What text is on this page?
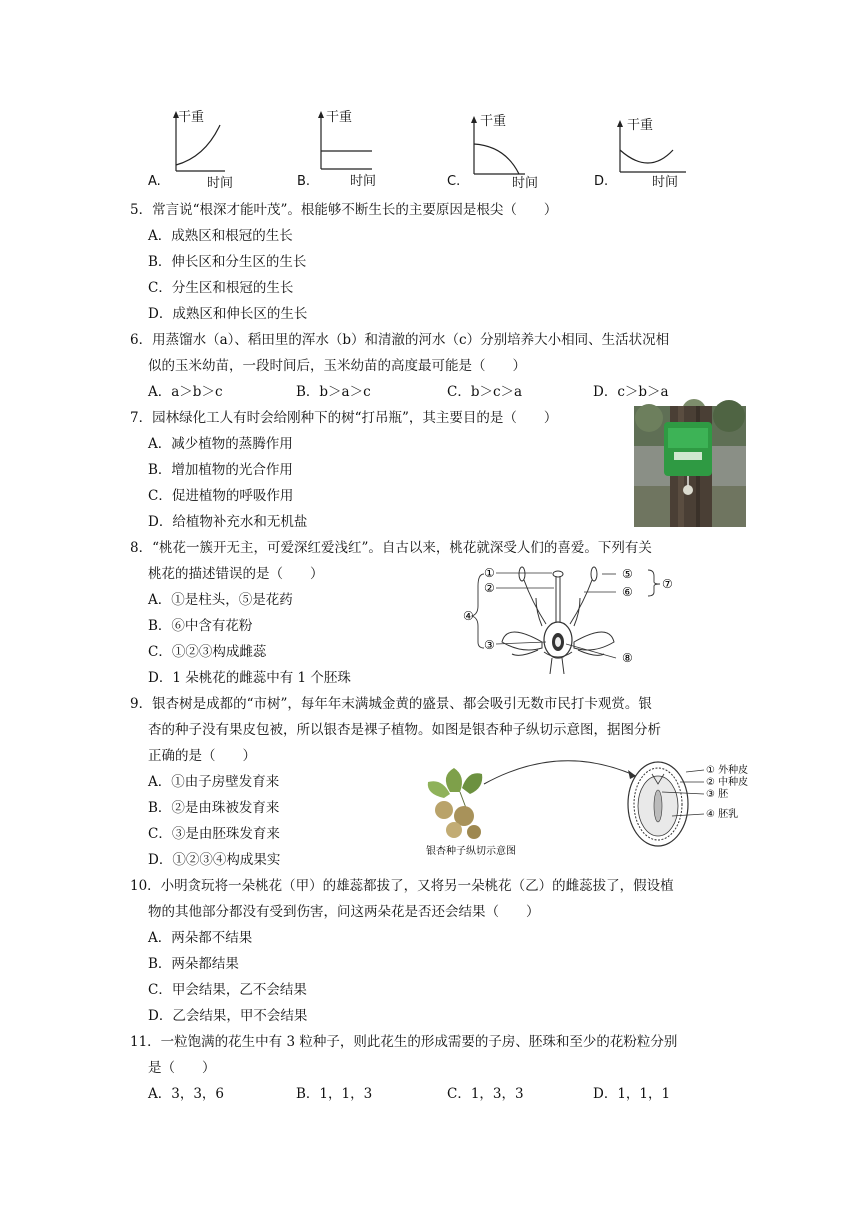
A.
干重
时间	B.
干重
时间	C.
干重
时间	D.
干重
时间
5．常言说“根深才能叶茂”。根能够不断生长的主要原因是根尖（　　）
A．成熟区和根冠的生长
B．伸长区和分生区的生长
C．分生区和根冠的生长
D．成熟区和伸长区的生长
6．用蒸馏水（a）、稻田里的浑水（b）和清澈的河水（c）分别培养大小相同、生活状况相
似的玉米幼苗，一段时间后，玉米幼苗的高度最可能是（　　）
A．a＞b＞c	B．b＞a＞c	C．b＞c＞a	D．c＞b＞a
7．园林绿化工人有时会给刚种下的树“打吊瓶”，其主要目的是（　　）
A．减少植物的蒸腾作用
B．增加植物的光合作用
C．促进植物的呼吸作用
D．给植物补充水和无机盐
8．“桃花一簇开无主，可爱深红爱浅红”。自古以来，桃花就深受人们的喜爱。下列有关
桃花的描述错误的是（　　）
A．①是柱头，⑤是花药
B．⑥中含有花粉
C．①②③构成雌蕊
D．1 朵桃花的雌蕊中有 1 个胚珠
①
②
③
④
⑤
⑥
⑦
⑧
9．银杏树是成都的“市树”，每年年末满城金黄的盛景、都会吸引无数市民打卡观赏。银
杏的种子没有果皮包被，所以银杏是裸子植物。如图是银杏种子纵切示意图，据图分析
正确的是（　　）
A．①由子房壁发育来
B．②是由珠被发育来
C．③是由胚珠发育来
D．①②③④构成果实
① 外种皮
② 中种皮
③ 胚
④ 胚乳
银杏种子纵切示意图
10．小明贪玩将一朵桃花（甲）的雄蕊都拔了，又将另一朵桃花（乙）的雌蕊拔了，假设植
物的其他部分都没有受到伤害，问这两朵花是否还会结果（　　）
A．两朵都不结果
B．两朵都结果
C．甲会结果，乙不会结果
D．乙会结果，甲不会结果
11．一粒饱满的花生中有 3 粒种子，则此花生的形成需要的子房、胚珠和至少的花粉粒分别
是（　　）
A．3，3，6	B．1，1，3	C．1，3，3	D．1，1，1
